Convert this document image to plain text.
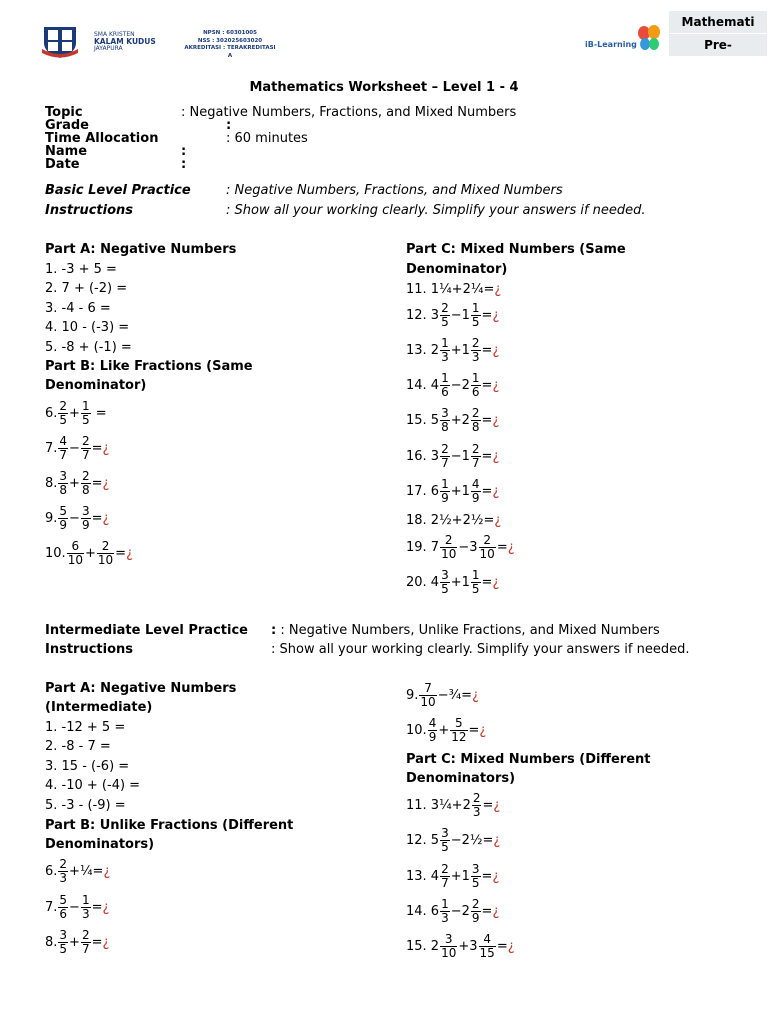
SMA KRISTEN
KALAM KUDUS
JAYAPURA
NPSN : 60301005
NSS : 302025603020
AKREDITASI : TERAKREDITASI A
iB-Learning
Mathemati
Pre-
Mathematics Worksheet – Level 1 - 4
Topic	: Negative Numbers, Fractions, and Mixed Numbers
Grade	:
Time Allocation	: 60 minutes
Name	:
Date	:
Basic Level Practice	: Negative Numbers, Fractions, and Mixed Numbers
Instructions	: Show all your working clearly. Simplify your answers if needed.
Part A: Negative Numbers
1. -3 + 5 =
2. 7 + (-2) =
3. -4 - 6 =
4. 10 - (-3) =
5. -8 + (-1) =
Part B: Like Fractions (Same
Denominator)
6. $\frac{2}{5} + \frac{1}{5}$ =
7. $\frac{4}{7} - \frac{2}{7}$ = ¿
8. $\frac{3}{8} + \frac{2}{8}$ = ¿
9. $\frac{5}{9} - \frac{3}{9}$ = ¿
10. $\frac{6}{10} + \frac{2}{10}$ = ¿
Part C: Mixed Numbers (Same
Denominator)
11. 1¼+2¼=¿
12. $3 \frac{2}{5} -1 \frac{1}{5}$ = ¿
13. $2 \frac{1}{3} +1 \frac{2}{3}$ = ¿
14. $4 \frac{1}{6} -2 \frac{1}{6}$ = ¿
15. $5 \frac{3}{8} +2 \frac{2}{8}$ = ¿
16. $3 \frac{2}{7} -1 \frac{2}{7}$ = ¿
17. $6 \frac{1}{9} +1 \frac{4}{9}$ = ¿
18. 2½+2½=¿
19. $7 \frac{2}{10} -3 \frac{2}{10}$ = ¿
20. $4 \frac{3}{5} +1 \frac{1}{5}$ = ¿
Intermediate Level Practice : : Negative Numbers, Unlike Fractions, and Mixed Numbers
Instructions	: Show all your working clearly. Simplify your answers if needed.
Part A: Negative Numbers
(Intermediate)
1. -12 + 5 =
2. -8 - 7 =
3. 15 - (-6) =
4. -10 + (-4) =
5. -3 - (-9) =
Part B: Unlike Fractions (Different
Denominators)
6. $\frac{2}{3}$ +¼= ¿
7. $\frac{5}{6} - \frac{1}{3}$ = ¿
8. $\frac{3}{5} + \frac{2}{7}$ = ¿
9. $\frac{7}{10}$ −¾= ¿
10. $\frac{4}{9} + \frac{5}{12}$ = ¿
Part C: Mixed Numbers (Different
Denominators)
11. 3¼+2 $\frac{2}{3}$ = ¿
12. $5 \frac{3}{5}$ −2½= ¿
13. $4 \frac{2}{7} +1 \frac{3}{5}$ = ¿
14. $6 \frac{1}{3} -2 \frac{2}{9}$ = ¿
15. $2 \frac{3}{10} +3 \frac{4}{15}$ = ¿
